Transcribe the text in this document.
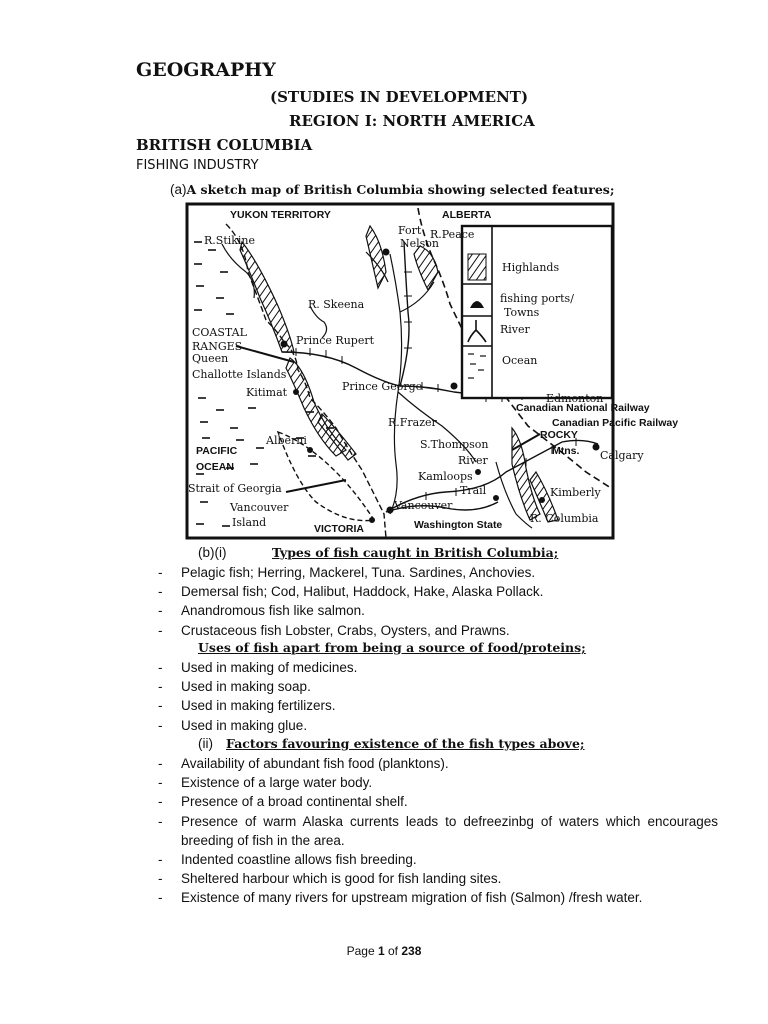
GEOGRAPHY
(STUDIES IN DEVELOPMENT)
REGION I: NORTH AMERICA
BRITISH COLUMBIA
FISHING INDUSTRY
(a)A sketch map of British Columbia showing selected features;
YUKON TERRITORY	ALBERTA
R.Stikine
Fort
Nelson
R.Peace
R. Skeena
COASTAL
RANGES	Prince Rupert
Queen
Challotte Islands
Kitimat	Prince George
Edmonton
Canadian National Railway
Canadian Pacific Railway
R.Frazer
ROCKY
Mtns. Calgary
Alberni
PACIFIC
OCEAN
S.Thompson
River
Kamloops
Trail	Kimberly
Strait of Georgia
Vancouver
Island
Vancouver
VICTORIA	Washington State	R. Columbia
Highlands
fishing ports/
Towns
River
Ocean
(b)(i)	Types of fish caught in British Columbia;
- Pelagic fish; Herring, Mackerel, Tuna. Sardines, Anchovies.
- Demersal fish; Cod, Halibut, Haddock, Hake, Alaska Pollack.
- Anandromous fish like salmon.
- Crustaceous fish Lobster, Crabs, Oysters, and Prawns.
Uses of fish apart from being a source of food/proteins;
- Used in making of medicines.
- Used in making soap.
- Used in making fertilizers.
- Used in making glue.
(ii) Factors favouring existence of the fish types above;
- Availability of abundant fish food (planktons).
- Existence of a large water body.
- Presence of a broad continental shelf.
- Presence of warm Alaska currents leads to defreezinbg of waters which encourages breeding of fish in the area.
- Indented coastline allows fish breeding.
- Sheltered harbour which is good for fish landing sites.
- Existence of many rivers for upstream migration of fish (Salmon) /fresh water.
Page 1 of 238
